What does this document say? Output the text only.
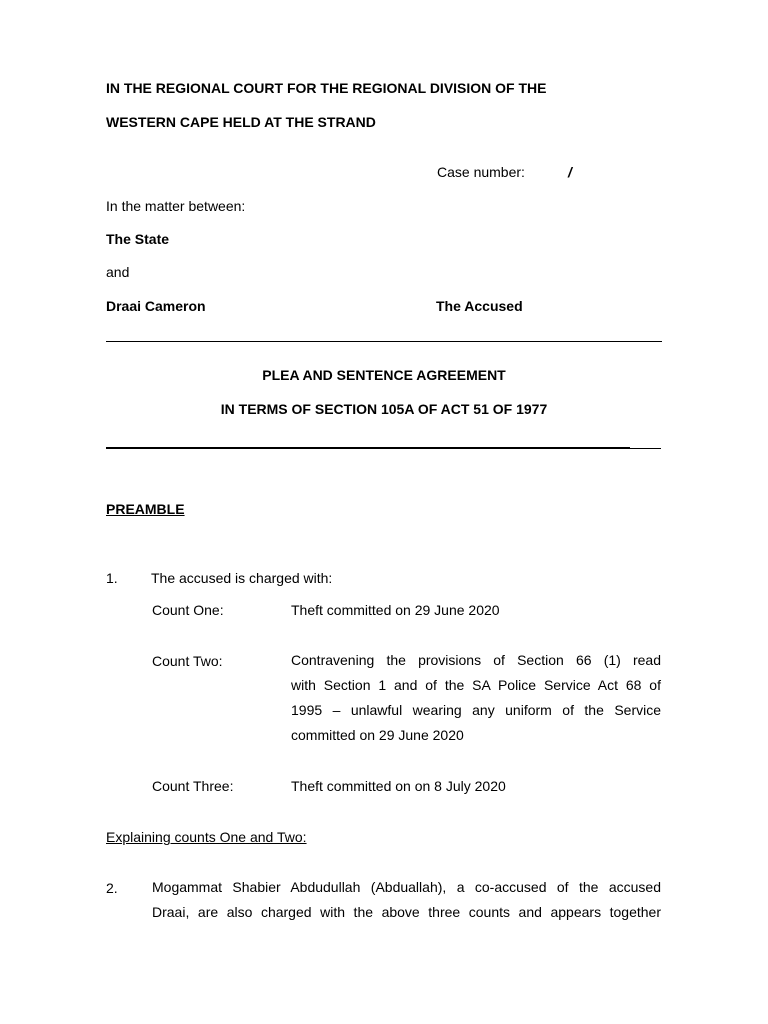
IN THE REGIONAL COURT FOR THE REGIONAL DIVISION OF THE
WESTERN CAPE HELD AT THE STRAND
Case number:	/
In the matter between:
The State
and
Draai Cameron	The Accused
PLEA AND SENTENCE AGREEMENT
IN TERMS OF SECTION 105A OF ACT 51 OF 1977
PREAMBLE
1. The accused is charged with:
Count One:	Theft committed on 29 June 2020
Count Two:	Contravening the provisions of Section 66 (1) read
with Section 1 and of the SA Police Service Act 68 of
1995 – unlawful wearing any uniform of the Service
committed on 29 June 2020
Count Three:	Theft committed on on 8 July 2020
Explaining counts One and Two:
2. Mogammat Shabier Abdudullah (Abduallah), a co-accused of the accused
Draai, are also charged with the above three counts and appears together
